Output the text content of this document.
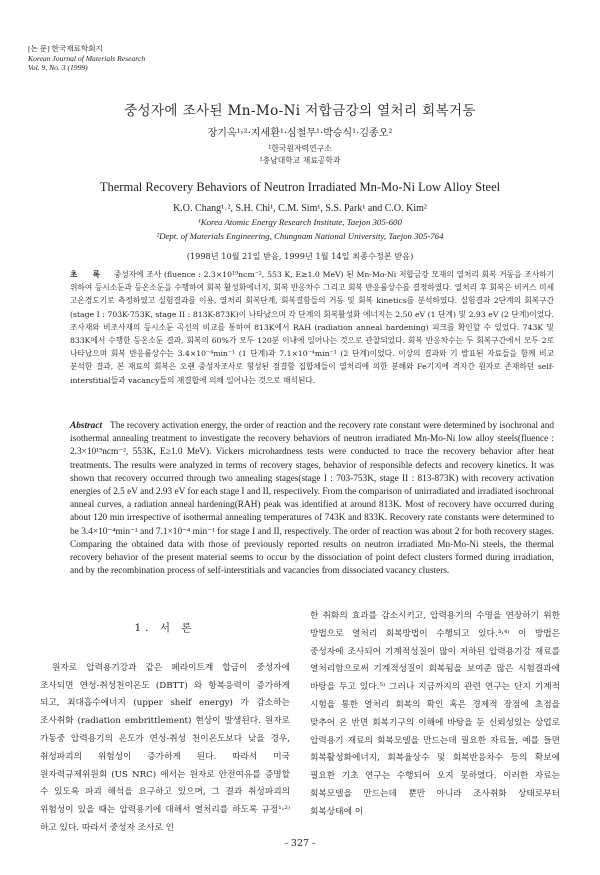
[논 문] 한국재료학회지
Korean Journal of Materials Research
Vol. 9, No. 3 (1999)
중성자에 조사된 Mn-Mo-Ni 저합금강의 열처리 회복거동
장기옥¹˒²·지세환¹·심철무¹·박승식¹·김종오²
¹한국원자력연구소
²충남대학교 재료공학과
Thermal Recovery Behaviors of Neutron Irradiated Mn-Mo-Ni Low Alloy Steel
K.O. Chang¹˒², S.H. Chi¹, C.M. Sim¹, S.S. Park¹ and C.O. Kim²
¹Korea Atomic Energy Research Institute, Taejon 305-600
²Dept. of Materials Engineering, Chungnam National University, Taejon 305-764
(1998년 10월 21일 받음, 1999년 1월 14일 최종수정본 받음)
초 록 중성자에 조사 (fluence : 2.3×10¹⁹ncm⁻², 553 K, E≥1.0 MeV) 된 Mn-Mo-Ni 저합금강 모재의 열처리 회복 거동을 조사하기 위하여 등시소둔과 등온소둔을 수행하여 회복 활성화에너지, 회복 반응차수 그리고 회복 반응률상수를 결정하였다. 열처리 후 회복은 비커스 미세 고온경도기로 측정하였고 실험결과를 이용, 열처리 회복단계, 회복결함들의 거동 및 회복 kinetics를 분석하였다. 실험결과 2단계의 회복구간 (stage I : 703K-753K, stage II : 813K-873K)이 나타났으며 각 단계의 회복활성화 에너지는 2.50 eV (1 단계) 및 2.93 eV (2 단계)이었다. 조사재와 비조사재의 등시소둔 곡선의 비교를 통하여 813K에서 RAH (radiation anneal hardening) 피크를 확인할 수 있었다. 743K 및 833K에서 수행한 등온소둔 결과, 회복의 60%가 모두 120분 이내에 일어나는 것으로 관찰되었다. 회복 반응차수는 두 회복구간에서 모두 2로 나타났으며 회복 반응률상수는 3.4×10⁻⁴min⁻¹ (1 단계)과 7.1×10⁻⁴min⁻¹ (2 단계)이었다. 이상의 결과와 기 발표된 자료들을 함께 비교 분석한 결과, 본 재료의 회복은 오랜 중성자조사로 형성된 점결함 집합체들이 열처리에 의한 분해와 Fe기지에 격자간 원자로 존재하던 self-interstitial들과 vacancy들의 재결합에 의해 일어나는 것으로 해석된다.
Abstract The recovery activation energy, the order of reaction and the recovery rate constant were determined by isochronal and isothermal annealing treatment to investigate the recovery behaviors of neutron irradiated Mn-Mo-Ni low alloy steels(fluence : 2.3×10¹⁹ncm⁻², 553K, E≥1.0 MeV). Vickers microhardness tests were conducted to trace the recovery behavior after heat treatments. The results were analyzed in terms of recovery stages, behavior of responsible defects and recovery kinetics. It was shown that recovery occurred through two annealing stages(stage I : 703-753K, stage II : 813-873K) with recovery activation energies of 2.5 eV and 2.93 eV for each stage I and II, respectively. From the comparison of unirradiated and irradiated isochronal anneal curves, a radiation anneal hardening(RAH) peak was identified at around 813K. Most of recovery have occurred during about 120 min irrespective of isothermal annealing temperatures of 743K and 833K. Recovery rate constants were determined to be 3.4×10⁻⁴min⁻¹ and 7.1×10⁻⁴ min⁻¹ for stage I and II, respectively. The order of reaction was about 2 for both recovery stages. Comparing the obtained data with those of previously reported results on neutron irradiated Mn-Mo-Ni steels, the thermal recovery behavior of the present material seems to occur by the dissociation of point defect clusters formed during irradiation, and by the recombination process of self-interstitials and vacancies from dissociated vacancy clusters.
1. 서 론

원자로 압력용기강과 같은 페라이트계 합금이 중성자에 조사되면 연성-취성천이온도 (DBTT) 와 항복응력이 증가하게 되고, 최대흡수에너지 (upper shelf energy) 가 감소하는 조사취화 (radiation embrittlement) 현상이 발생된다. 원자로 가동중 압력용기의 온도가 연성-취성 천이온도보다 낮을 경우, 취성파괴의 위험성이 증가하게 된다. 따라서 미국 원자력규제위원회 (US NRC) 에서는 원자로 안전여유를 증명할 수 있도록 파괴 해석을 요구하고 있으며, 그 결과 취성파괴의 위험성이 있을 때는 압력용기에 대해서 열처리를 하도록 규정¹˒²⁾하고 있다. 따라서 중성자 조사로 인

한 취화의 효과를 감소시키고, 압력용기의 수명을 연장하기 위한 방법으로 열처리 회복방법이 수행되고 있다.³˒⁴⁾ 이 방법은 중성자에 조사되어 기계적성질이 많이 저하된 압력용기강 재료를 열처리함으로써 기계적성질이 회복됨을 보여준 많은 시험결과에 바탕을 두고 있다.⁵⁾ 그러나 지금까지의 관련 연구는 단지 기계적 시험을 통한 열처리 회복의 확인 혹은 경제적 장점에 초점을 맞추어 온 반면 회복기구의 이해에 바탕을 둔 신뢰성있는 상업로 압력용기 재료의 회복모델을 만드는데 필요한 자료들, 예를 들면 회복활성화에너지, 회복율상수 및 회복반응차수 등의 확보에 필요한 기초 연구는 수행되어 오지 못하였다. 이러한 자료는 회복모델을 만드는데 뿐만 아니라 조사취화 상태로부터 회복상태에 이

- 327 -
